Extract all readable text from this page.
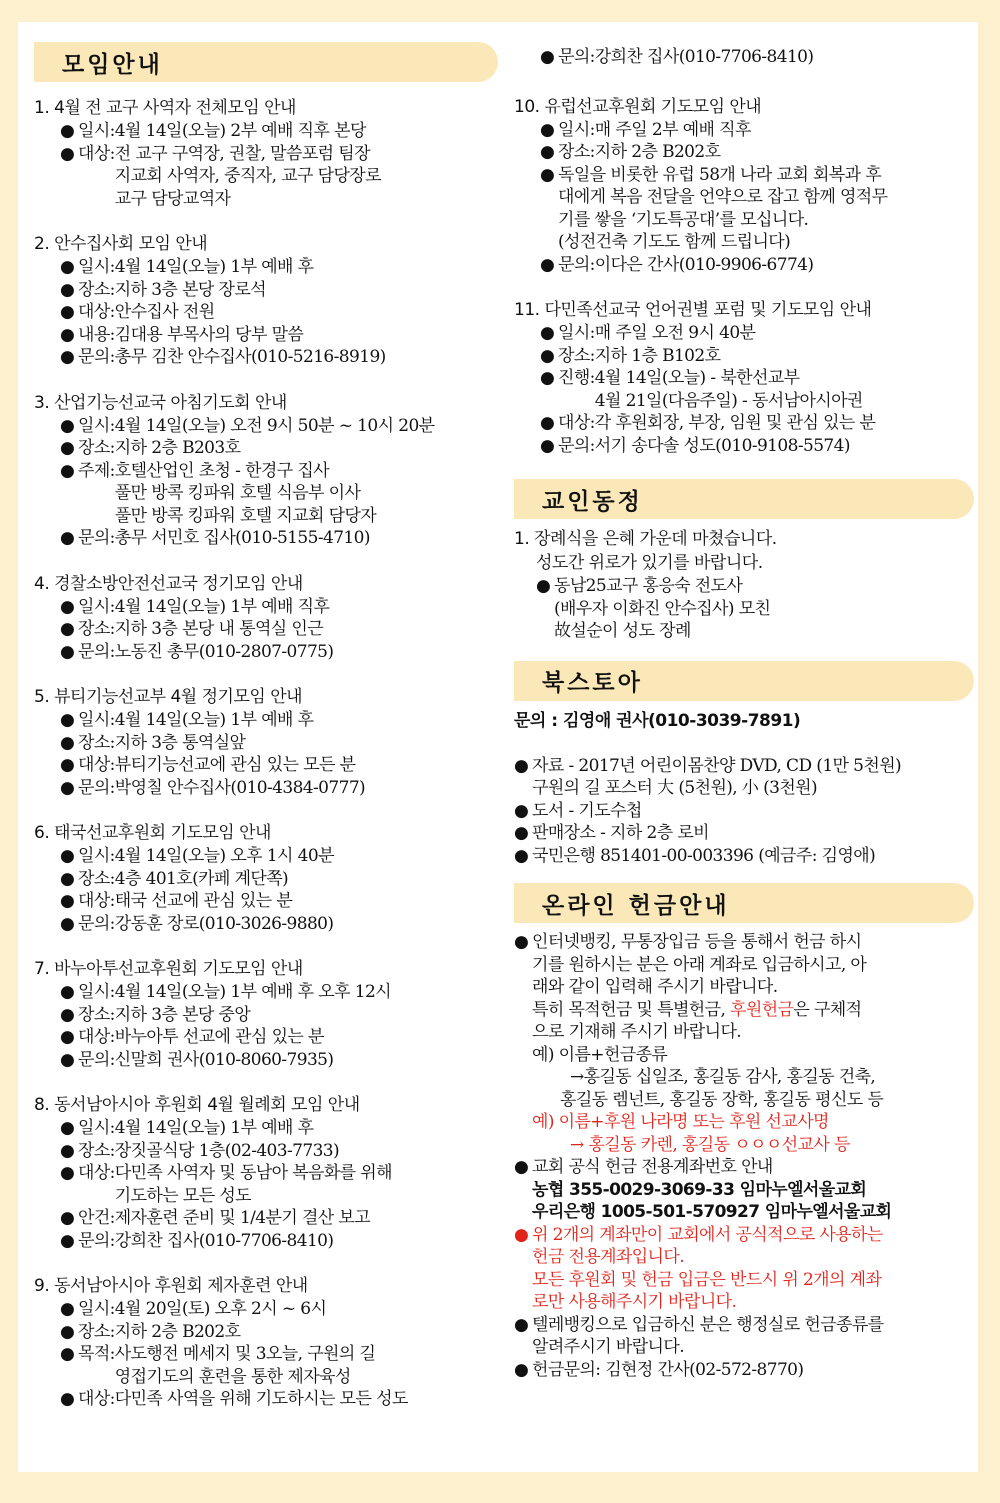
모임안내

1. 4월 전 교구 사역자 전체모임 안내

● 일시: 4월 14일(오늘) 2부 예배 직후 본당
● 대상: 전 교구 구역장, 권찰, 말씀포럼 팀장
지교회 사역자, 중직자, 교구 담당장로
교구 담당교역자

2. 안수집사회 모임 안내

● 일시: 4월 14일(오늘) 1부 예배 후
● 장소: 지하 3층 본당 장로석
● 대상: 안수집사 전원
● 내용: 김대용 부목사의 당부 말씀
● 문의: 총무 김찬 안수집사(010-5216-8919)

3. 산업기능선교국 아침기도회 안내

● 일시: 4월 14일(오늘) 오전 9시 50분 ~ 10시 20분
● 장소: 지하 2층 B203호
● 주제: 호텔산업인 초청 - 한경구 집사
풀만 방콕 킹파워 호텔 식음부 이사
풀만 방콕 킹파워 호텔 지교회 담당자
● 문의: 총무 서민호 집사(010-5155-4710)

4. 경찰소방안전선교국 정기모임 안내

● 일시: 4월 14일(오늘) 1부 예배 직후
● 장소: 지하 3층 본당 내 통역실 인근
● 문의: 노동진 총무(010-2807-0775)

5. 뷰티기능선교부 4월 정기모임 안내

● 일시: 4월 14일(오늘) 1부 예배 후
● 장소: 지하 3층 통역실앞
● 대상: 뷰티기능선교에 관심 있는 모든 분
● 문의: 박영칠 안수집사(010-4384-0777)

6. 태국선교후원회 기도모임 안내

● 일시: 4월 14일(오늘) 오후 1시 40분
● 장소: 4층 401호(카페 계단쪽)
● 대상: 태국 선교에 관심 있는 분
● 문의: 강동훈 장로(010-3026-9880)

7. 바누아투선교후원회 기도모임 안내

● 일시: 4월 14일(오늘) 1부 예배 후 오후 12시
● 장소: 지하 3층 본당 중앙
● 대상: 바누아투 선교에 관심 있는 분
● 문의: 신말희 권사(010-8060-7935)

8. 동서남아시아 후원회 4월 월례회 모임 안내

● 일시: 4월 14일(오늘) 1부 예배 후
● 장소: 장짓골식당 1층(02-403-7733)
● 대상: 다민족 사역자 및 동남아 복음화를 위해
기도하는 모든 성도
● 안건: 제자훈련 준비 및 1/4분기 결산 보고
● 문의: 강희찬 집사(010-7706-8410)

9. 동서남아시아 후원회 제자훈련 안내

● 일시: 4월 20일(토) 오후 2시 ~ 6시
● 장소: 지하 2층 B202호
● 목적: 사도행전 메세지 및 3오늘, 구원의 길
영접기도의 훈련을 통한 제자육성
● 대상: 다민족 사역을 위해 기도하시는 모든 성도
● 문의: 강희찬 집사(010-7706-8410)

10. 유럽선교후원회 기도모임 안내

● 일시: 매 주일 2부 예배 직후
● 장소: 지하 2층 B202호
● 독일을 비롯한 유럽 58개 나라 교회 회복과 후
대에게 복음 전달을 언약으로 잡고 함께 영적무
기를 쌓을 ‘기도특공대’를 모십니다.
(성전건축 기도도 함께 드립니다)
● 문의: 이다은 간사(010-9906-6774)

11. 다민족선교국 언어권별 포럼 및 기도모임 안내

● 일시: 매 주일 오전 9시 40분
● 장소: 지하 1층 B102호
● 진행: 4월 14일(오늘) - 북한선교부
4월 21일(다음주일) - 동서남아시아권
● 대상: 각 후원회장, 부장, 임원 및 관심 있는 분
● 문의: 서기 송다솔 성도(010-9108-5574)
교인동정

1. 장례식을 은혜 가운데 마쳤습니다.

성도간 위로가 있기를 바랍니다.

● 동남25교구 홍응숙 전도사
(배우자 이화진 안수집사) 모친
故설순이 성도 장례
북스토아

문의 : 김영애 권사(010-3039-7891)

● 자료 - 2017년 어린이몸찬양 DVD, CD (1만 5천원)
구원의 길 포스터 大 (5천원), 小 (3천원)
● 도서 - 기도수첩
● 판매장소 - 지하 2층 로비
● 국민은행 851401-00-003396 (예금주: 김영애)
온라인 헌금안내
● 인터넷뱅킹, 무통장입금 등을 통해서 헌금 하시
기를 원하시는 분은 아래 계좌로 입금하시고, 아
래와 같이 입력해 주시기 바랍니다.
특히 목적헌금 및 특별헌금, 후원헌금은 구체적
으로 기재해 주시기 바랍니다.
예) 이름+헌금종류
→홍길동 십일조, 홍길동 감사, 홍길동 건축,
홍길동 렘넌트, 홍길동 장학, 홍길동 평신도 등
예) 이름+후원 나라명 또는 후원 선교사명
→ 홍길동 카렌, 홍길동 ㅇㅇㅇ선교사 등
● 교회 공식 헌금 전용계좌번호 안내
농협 355-0029-3069-33 임마누엘서울교회
우리은행 1005-501-570927 임마누엘서울교회
● 위 2개의 계좌만이 교회에서 공식적으로 사용하는
헌금 전용계좌입니다.
모든 후원회 및 헌금 입금은 반드시 위 2개의 계좌
로만 사용해주시기 바랍니다.
● 텔레뱅킹으로 입금하신 분은 행정실로 헌금종류를
알려주시기 바랍니다.
● 헌금문의: 김현정 간사(02-572-8770)
